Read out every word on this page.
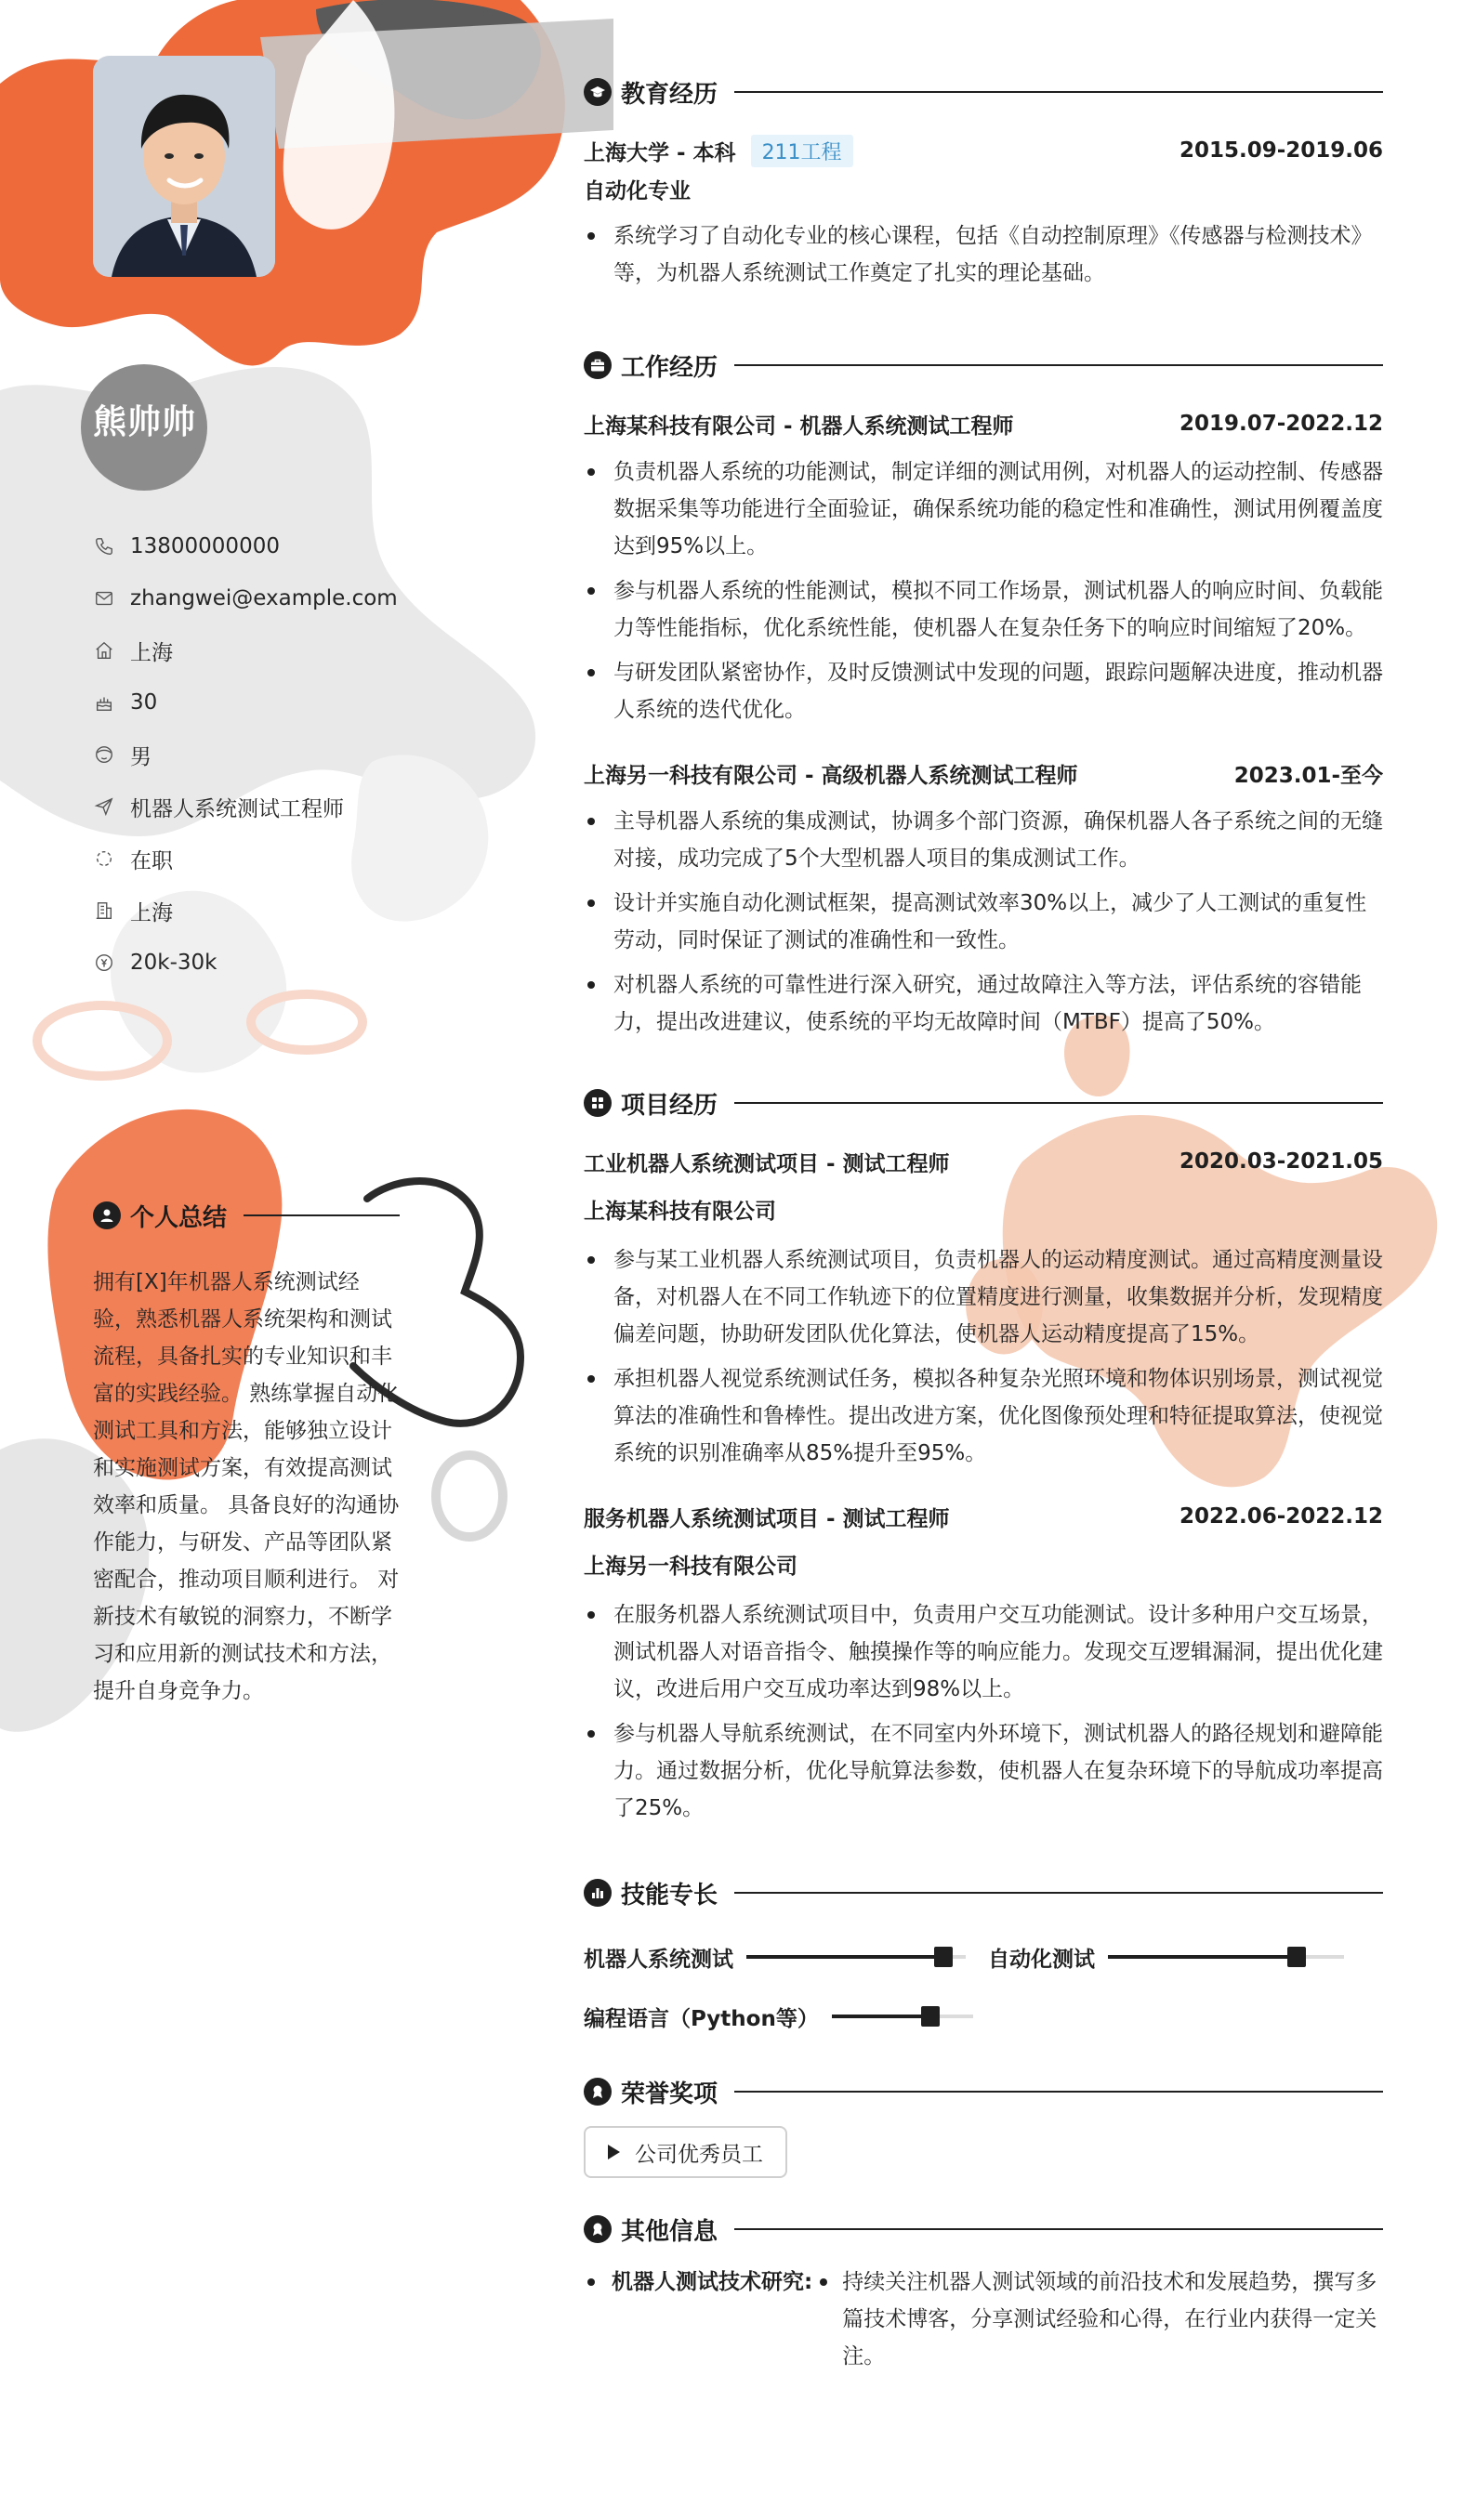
熊帅帅
13800000000
zhangwei@example.com
上海
30
男
机器人系统测试工程师
在职
上海
20k-30k
个人总结
拥有[X]年机器人系统测试经验，熟悉机器人系统架构和测试流程，具备扎实的专业知识和丰富的实践经验。 熟练掌握自动化测试工具和方法，能够独立设计和实施测试方案，有效提高测试效率和质量。 具备良好的沟通协作能力，与研发、产品等团队紧密配合，推动项目顺利进行。 对新技术有敏锐的洞察力，不断学习和应用新的测试技术和方法，提升自身竞争力。
教育经历
上海大学 - 本科	211工程	2015.09-2019.06
自动化专业
系统学习了自动化专业的核心课程，包括《自动控制原理》《传感器与检测技术》等，为机器人系统测试工作奠定了扎实的理论基础。
工作经历
上海某科技有限公司 - 机器人系统测试工程师	2019.07-2022.12
负责机器人系统的功能测试，制定详细的测试用例，对机器人的运动控制、传感器数据采集等功能进行全面验证，确保系统功能的稳定性和准确性，测试用例覆盖度达到95%以上。
参与机器人系统的性能测试，模拟不同工作场景，测试机器人的响应时间、负载能力等性能指标，优化系统性能，使机器人在复杂任务下的响应时间缩短了20%。
与研发团队紧密协作，及时反馈测试中发现的问题，跟踪问题解决进度，推动机器人系统的迭代优化。
上海另一科技有限公司 - 高级机器人系统测试工程师	2023.01-至今
主导机器人系统的集成测试，协调多个部门资源，确保机器人各子系统之间的无缝对接，成功完成了5个大型机器人项目的集成测试工作。
设计并实施自动化测试框架，提高测试效率30%以上，减少了人工测试的重复性劳动，同时保证了测试的准确性和一致性。
对机器人系统的可靠性进行深入研究，通过故障注入等方法，评估系统的容错能力，提出改进建议，使系统的平均无故障时间（MTBF）提高了50%。
项目经历
工业机器人系统测试项目 - 测试工程师	2020.03-2021.05
上海某科技有限公司
参与某工业机器人系统测试项目，负责机器人的运动精度测试。通过高精度测量设备，对机器人在不同工作轨迹下的位置精度进行测量，收集数据并分析，发现精度偏差问题，协助研发团队优化算法，使机器人运动精度提高了15%。
承担机器人视觉系统测试任务，模拟各种复杂光照环境和物体识别场景，测试视觉算法的准确性和鲁棒性。提出改进方案，优化图像预处理和特征提取算法，使视觉系统的识别准确率从85%提升至95%。
服务机器人系统测试项目 - 测试工程师	2022.06-2022.12
上海另一科技有限公司
在服务机器人系统测试项目中，负责用户交互功能测试。设计多种用户交互场景，测试机器人对语音指令、触摸操作等的响应能力。发现交互逻辑漏洞，提出优化建议，改进后用户交互成功率达到98%以上。
参与机器人导航系统测试，在不同室内外环境下，测试机器人的路径规划和避障能力。通过数据分析，优化导航算法参数，使机器人在复杂环境下的导航成功率提高了25%。
技能专长
机器人系统测试	自动化测试
编程语言（Python等）
荣誉奖项
公司优秀员工
其他信息
机器人测试技术研究:	持续关注机器人测试领域的前沿技术和发展趋势，撰写多篇技术博客，分享测试经验和心得，在行业内获得一定关注。
